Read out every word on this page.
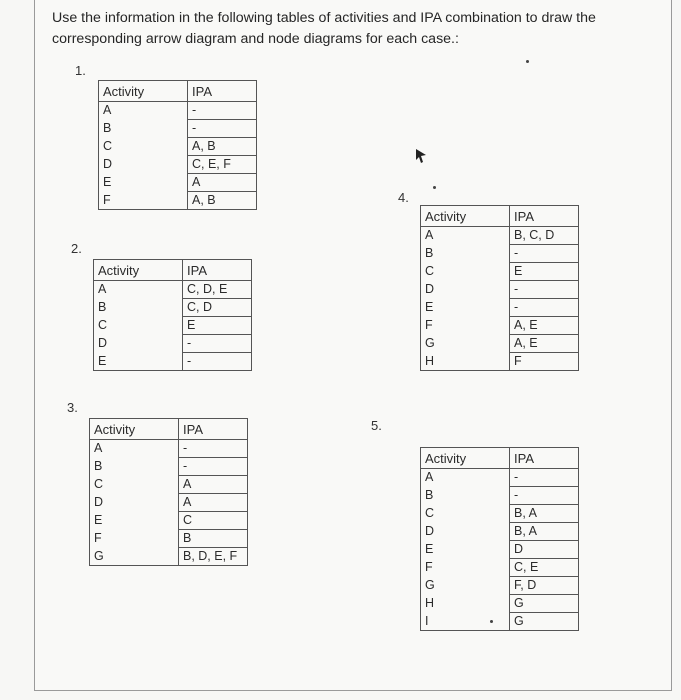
Use the information in the following tables of activities and IPA combination to draw the corresponding arrow diagram and node diagrams for each case.:
1.
Activity	IPA
A	-
B	-
C	A, B
D	C, E, F
E	A
F	A, B
2.
Activity	IPA
A	C, D, E
B	C, D
C	E
D	-
E	-
3.
Activity	IPA
A	-
B	-
C	A
D	A
E	C
F	B
G	B, D, E, F
4.
Activity	IPA
A	B, C, D
B	-
C	E
D	-
E	-
F	A, E
G	A, E
H	F
5.
Activity	IPA
A	-
B	-
C	B, A
D	B, A
E	D
F	C, E
G	F, D
H	G
I	G
